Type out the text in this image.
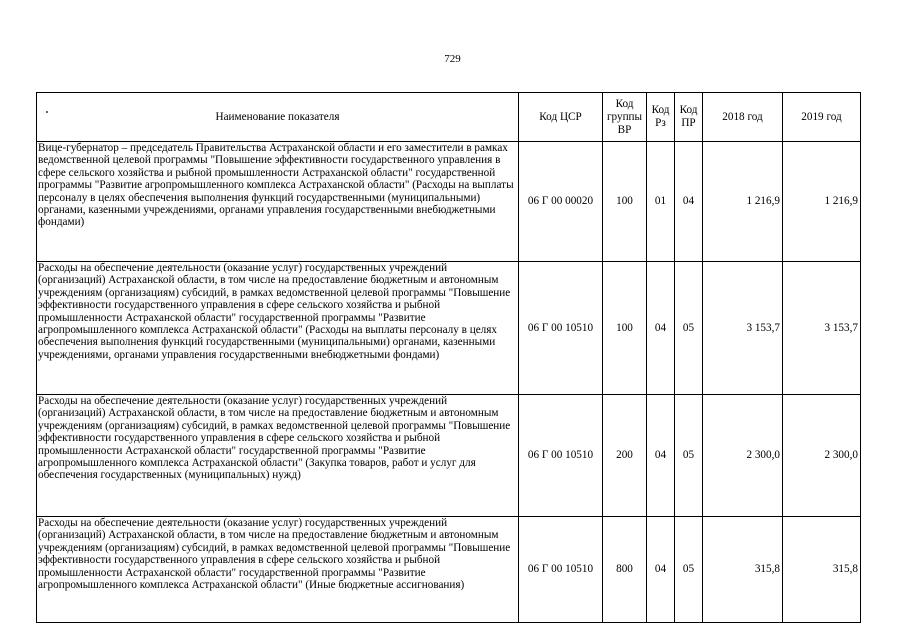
729
Наименование показателя	Код ЦСР	Код группы ВР	Код Рз	Код ПР	2018 год	2019 год
Вице-губернатор – председатель Правительства Астраханской области и его заместители в рамках ведомственной целевой программы "Повышение эффективности государственного управления в сфере сельского хозяйства и рыбной промышленности Астраханской области" государственной программы "Развитие агропромышленного комплекса Астраханской области" (Расходы на выплаты персоналу в целях обеспечения выполнения функций государственными (муниципальными) органами, казенными учреждениями, органами управления государственными внебюджетными фондами)	06 Г 00 00020	100	01	04	1 216,9	1 216,9
Расходы на обеспечение деятельности (оказание услуг) государственных учреждений (организаций) Астраханской области, в том числе на предоставление бюджетным и автономным учреждениям (организациям) субсидий, в рамках ведомственной целевой программы "Повышение эффективности государственного управления в сфере сельского хозяйства и рыбной промышленности Астраханской области" государственной программы "Развитие агропромышленного комплекса Астраханской области" (Расходы на выплаты персоналу в целях обеспечения выполнения функций государственными (муниципальными) органами, казенными учреждениями, органами управления государственными внебюджетными фондами)	06 Г 00 10510	100	04	05	3 153,7	3 153,7
Расходы на обеспечение деятельности (оказание услуг) государственных учреждений (организаций) Астраханской области, в том числе на предоставление бюджетным и автономным учреждениям (организациям) субсидий, в рамках ведомственной целевой программы "Повышение эффективности государственного управления в сфере сельского хозяйства и рыбной промышленности Астраханской области" государственной программы "Развитие агропромышленного комплекса Астраханской области" (Закупка товаров, работ и услуг для обеспечения государственных (муниципальных) нужд)	06 Г 00 10510	200	04	05	2 300,0	2 300,0
Расходы на обеспечение деятельности (оказание услуг) государственных учреждений (организаций) Астраханской области, в том числе на предоставление бюджетным и автономным учреждениям (организациям) субсидий, в рамках ведомственной целевой программы "Повышение эффективности государственного управления в сфере сельского хозяйства и рыбной промышленности Астраханской области" государственной программы "Развитие агропромышленного комплекса Астраханской области" (Иные бюджетные ассигнования)	06 Г 00 10510	800	04	05	315,8	315,8
